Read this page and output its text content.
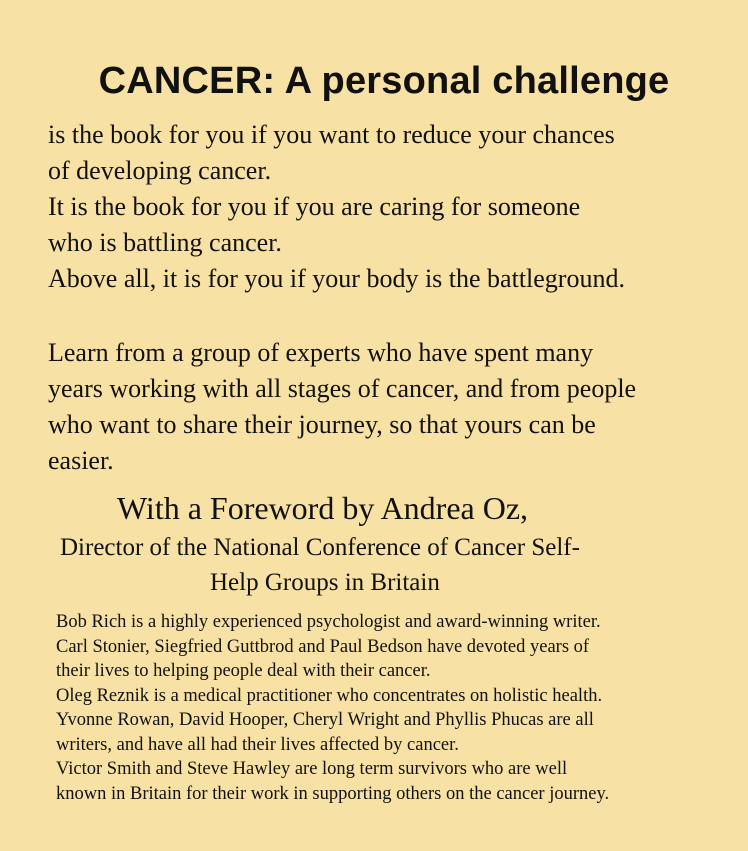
CANCER: A personal challenge

is the book for you if you want to reduce your chances
of developing cancer.
It is the book for you if you are caring for someone
who is battling cancer.
Above all, it is for you if your body is the battleground.

Learn from a group of experts who have spent many
years working with all stages of cancer, and from people
who want to share their journey, so that yours can be
easier.

With a Foreword by Andrea Oz,
Director of the National Conference of Cancer Self-
Help Groups in Britain

Bob Rich is a highly experienced psychologist and award-winning writer.
Carl Stonier, Siegfried Guttbrod and Paul Bedson have devoted years of
their lives to helping people deal with their cancer.
Oleg Reznik is a medical practitioner who concentrates on holistic health.
Yvonne Rowan, David Hooper, Cheryl Wright and Phyllis Phucas are all
writers, and have all had their lives affected by cancer.
Victor Smith and Steve Hawley are long term survivors who are well
known in Britain for their work in supporting others on the cancer journey.
